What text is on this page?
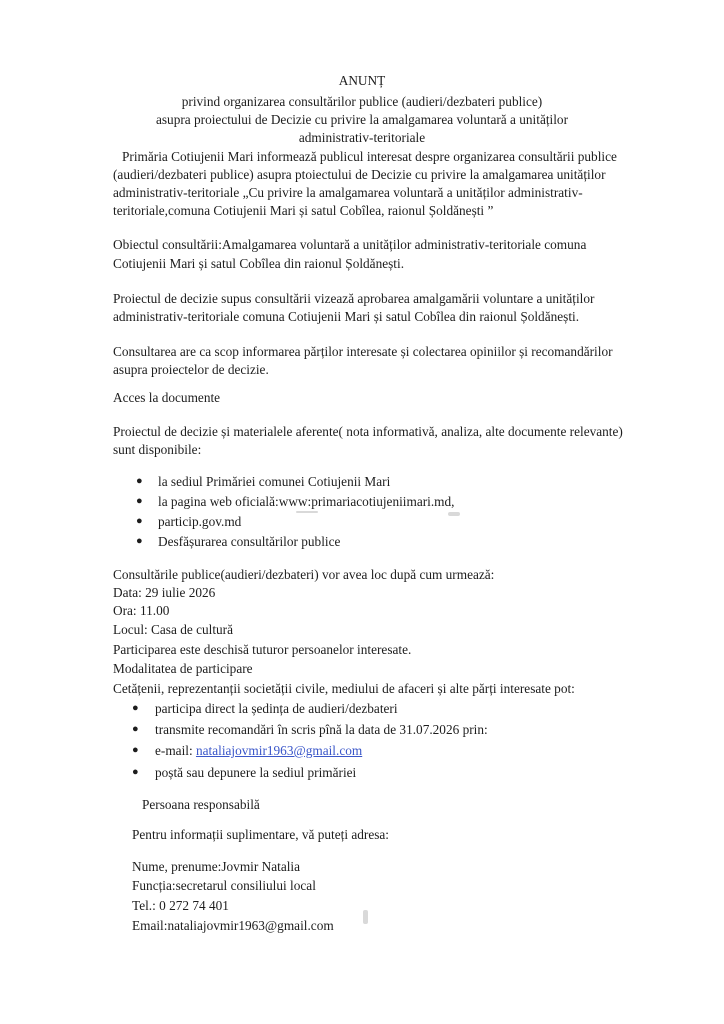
ANUNȚ

privind organizarea consultărilor publice (audieri/dezbateri publice)

asupra proiectului de Decizie cu privire la amalgamarea voluntară a unităților

administrativ-teritoriale

Primăria Cotiujenii Mari informează publicul interesat despre organizarea consultării publice

(audieri/dezbateri publice) asupra ptoiectului de Decizie cu privire la amalgamarea unităților

administrativ-teritoriale „Cu privire la amalgamarea voluntară a unităților administrativ-

teritoriale,comuna Cotiujenii Mari și satul Cobîlea, raionul Șoldănești ”

Obiectul consultării:Amalgamarea voluntară a unităților administrativ-teritoriale comuna

Cotiujenii Mari și satul Cobîlea din raionul Șoldănești.

Proiectul de decizie supus consultării vizează aprobarea amalgamării voluntare a unităților

administrativ-teritoriale comuna Cotiujenii Mari și satul Cobîlea din raionul Șoldănești.

Consultarea are ca scop informarea părților interesate și colectarea opiniilor și recomandărilor

asupra proiectelor de decizie.

Acces la documente

Proiectul de decizie și materialele aferente( nota informativă, analiza, alte documente relevante)

sunt disponibile:

● la sediul Primăriei comunei Cotiujenii Mari

● la pagina web oficială:www:primariacotiujeniimari.md,

● particip.gov.md

● Desfășurarea consultărilor publice

Consultările publice(audieri/dezbateri) vor avea loc după cum urmează:

Data: 29 iulie 2026

Ora: 11.00

Locul: Casa de cultură

Participarea este deschisă tuturor persoanelor interesate.

Modalitatea de participare

Cetățenii, reprezentanții societății civile, mediului de afaceri și alte părți interesate pot:

● participa direct la ședința de audieri/dezbateri

● transmite recomandări în scris pînă la data de 31.07.2026 prin:

● e-mail: nataliajovmir1963@gmail.com

● poștă sau depunere la sediul primăriei

Persoana responsabilă

Pentru informații suplimentare, vă puteți adresa:

Nume, prenume:Jovmir Natalia

Funcția:secretarul consiliului local

Tel.: 0 272 74 401

Email:nataliajovmir1963@gmail.com
